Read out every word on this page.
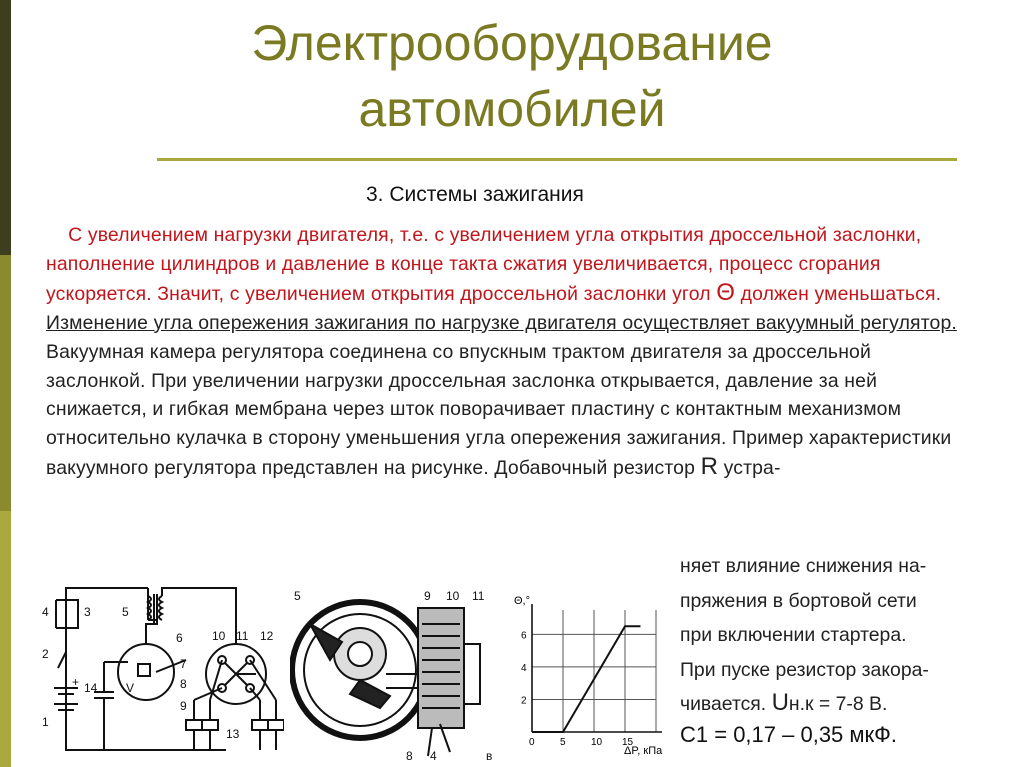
Электрооборудование
автомобилей
3. Системы зажигания
С увеличением нагрузки двигателя, т.е. с увеличением угла открытия дроссельной заслонки, наполнение цилиндров и давление в конце такта сжатия увеличивается, процесс сгорания ускоряется. Значит, с увеличением открытия дроссельной заслонки угол Θ должен уменьшаться. Изменение угла опережения зажигания по нагрузке двигателя осуществляет вакуумный регулятор. Вакуумная камера регулятора соединена со впускным трактом двигателя за дроссельной заслонкой. При увеличении нагрузки дроссельная заслонка открывается, давление за ней снижается, и гибкая мембрана через шток поворачивает пластину с контактным механизмом относительно кулачка в сторону уменьшения угла опережения зажигания. Пример характеристики вакуумного регулятора представлен на рисунке. Добавочный резистор R устра-
няет влияние снижения на-
пряжения в бортовой сети
при включении стартера.
При пуске резистор закора-
чивается. Uн.к = 7-8 В.
С1 = 0,17 – 0,35 мкФ.
4	3	5
2
6
7
10 11 12
8
9
14
1
13
+	V
5	9 10 11
4
8	в
0	5	10 15
2
4
6
Θ,°
ΔP, кПа
